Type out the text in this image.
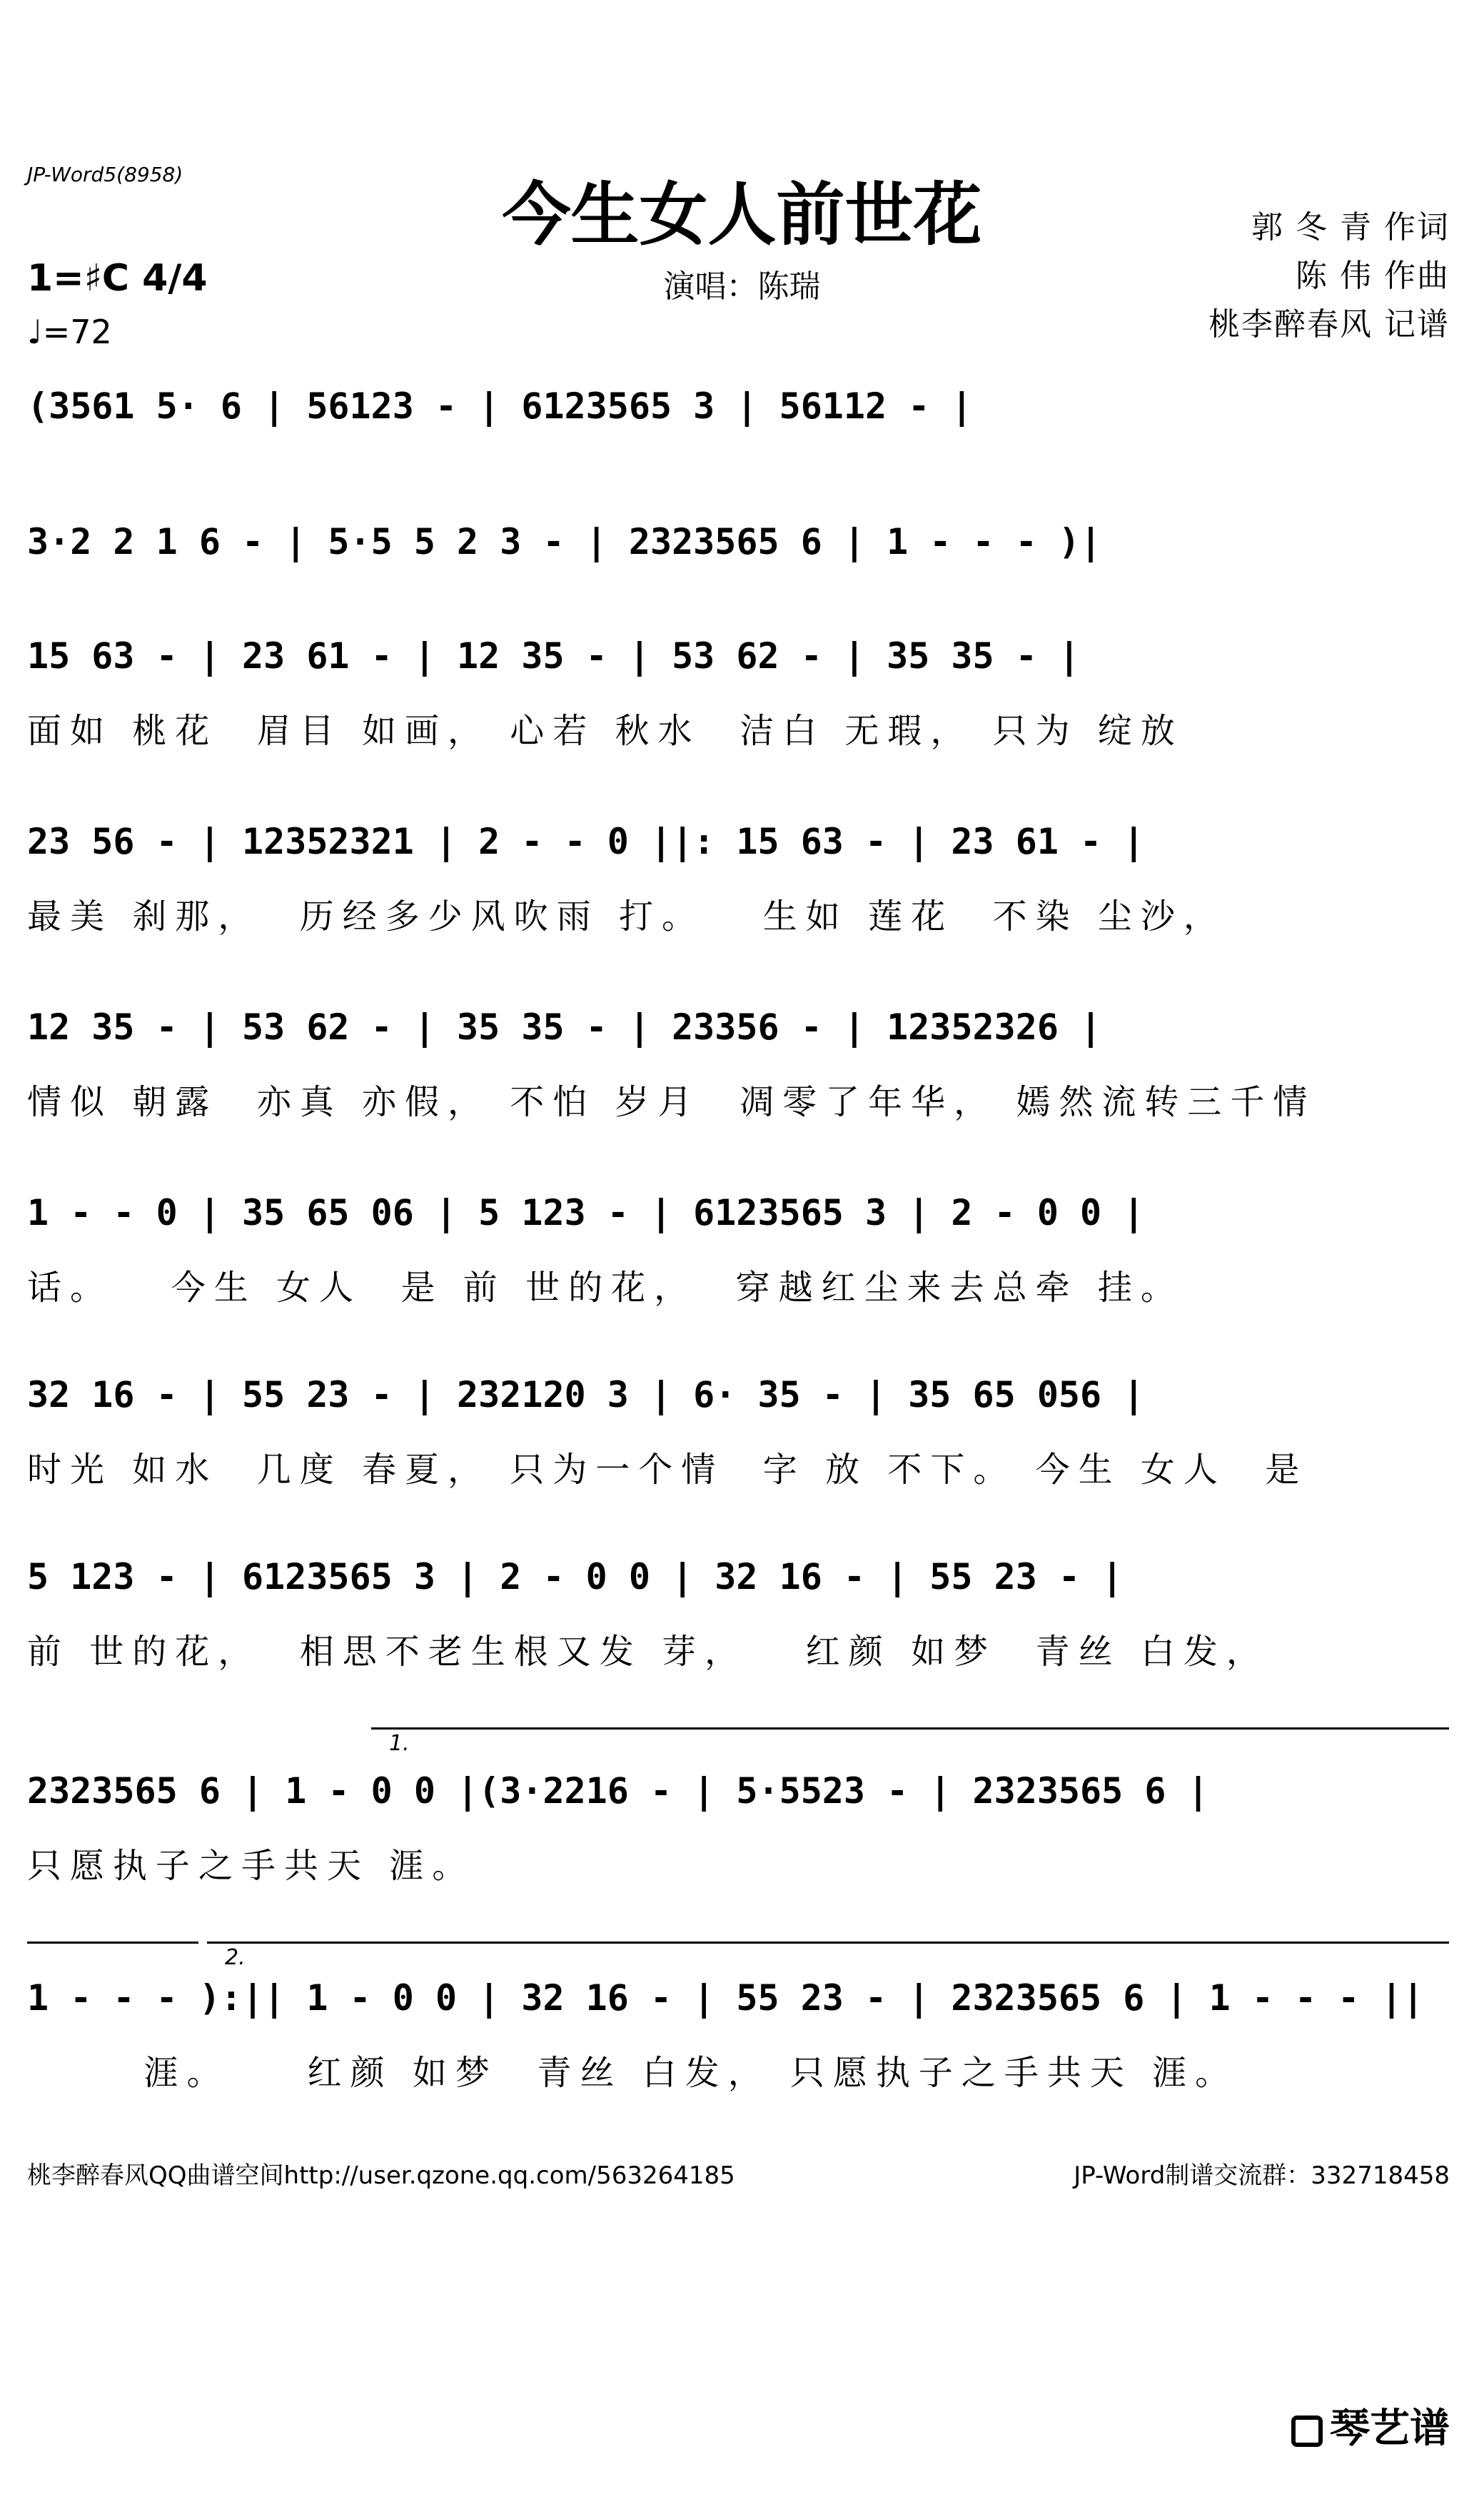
JP-Word5(8958)	今生女人前世花
演唱：陈瑞
郭 冬 青 作词
陈 伟 作曲
桃李醉春风 记谱
1=♯C 4/4
♩=72
(3561 5· 6 | 56123 - | 6123565 3 | 56112 - |
3·2 2 1 6 - | 5·5 5 2 3 - | 2323565 6 | 1 - - - )|
15 63 - | 23 61 - | 12 35 - | 53 62 - | 35 35 - |
面如 桃花  眉目 如画， 心若 秋水  洁白 无瑕， 只为 绽放
23 56 - | 12352321 | 2 - - 0 ||: 15 63 - | 23 61 - |
最美 刹那，  历经多少风吹雨 打。   生如 莲花  不染 尘沙，
12 35 - | 53 62 - | 35 35 - | 23356 - | 12352326 |
情似 朝露  亦真 亦假， 不怕 岁月  凋零了年华， 嫣然流转三千情
1 - - 0 | 35 65 06 | 5 123 - | 6123565 3 | 2 - 0 0 |
话。   今生 女人  是 前 世的花，  穿越红尘来去总牵 挂。
32 16 - | 55 23 - | 232120 3 | 6· 35 - | 35 65 056 |
时光 如水  几度 春夏， 只为一个情  字 放 不下。 今生 女人  是
5 123 - | 6123565 3 | 2 - 0 0 | 32 16 - | 55 23 - |
前 世的花，  相思不老生根又发 芽，   红颜 如梦  青丝 白发，
1.
2323565 6 | 1 - 0 0 |(3·2216 - | 5·5523 - | 2323565 6 |
只愿执子之手共天 涯。
2.
1 - - - ):|| 1 - 0 0 | 32 16 - | 55 23 - | 2323565 6 | 1 - - - ||
涯。    红颜 如梦  青丝 白发， 只愿执子之手共天 涯。
桃李醉春风QQ曲谱空间http://user.qzone.qq.com/563264185	JP-Word制谱交流群：332718458
琴艺谱
